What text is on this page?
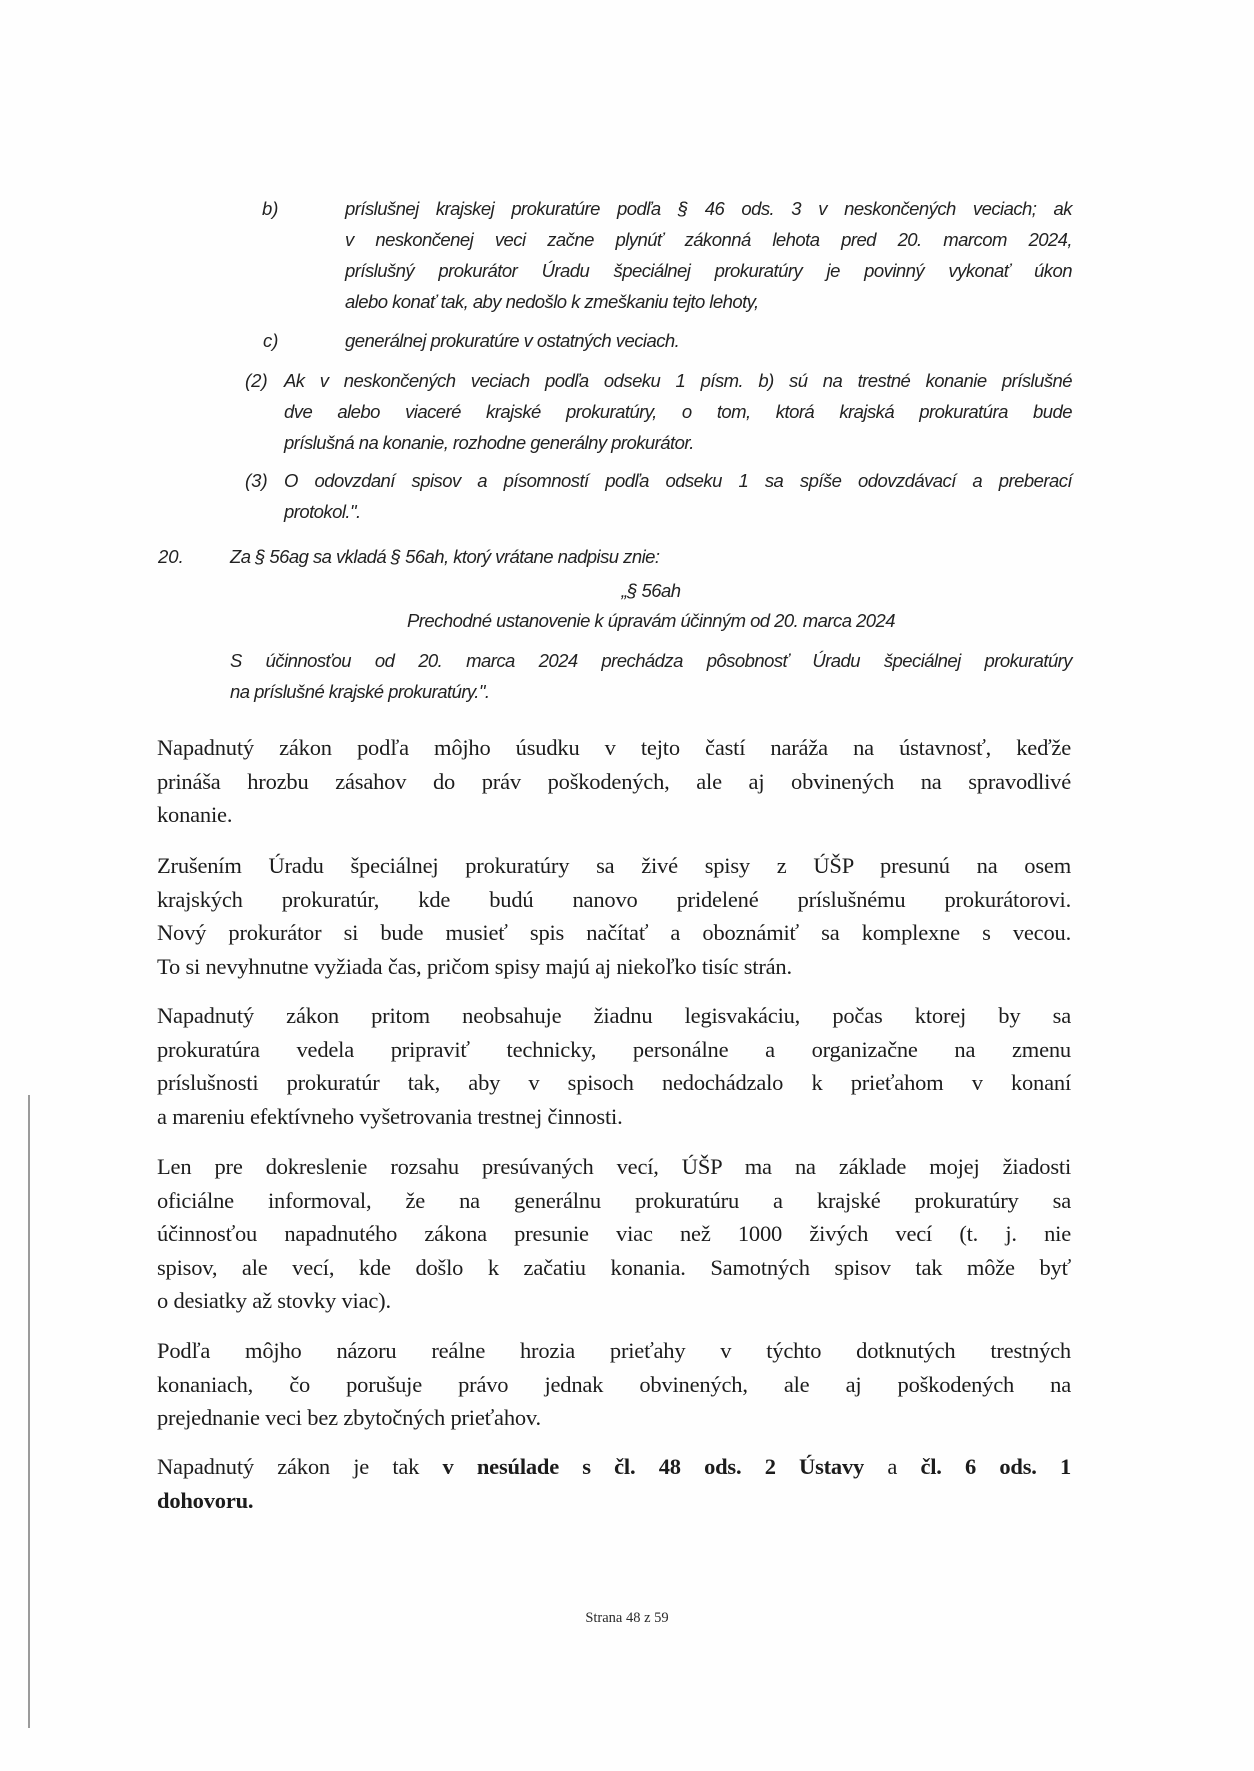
b)	príslušnej krajskej prokuratúre podľa § 46 ods. 3 v neskončených veciach; ak
v neskončenej veci začne plynúť zákonná lehota pred 20. marcom 2024,
príslušný prokurátor Úradu špeciálnej prokuratúry je povinný vykonať úkon
alebo konať tak, aby nedošlo k zmeškaniu tejto lehoty,
c)	generálnej prokuratúre v ostatných veciach.
(2) Ak v neskončených veciach podľa odseku 1 písm. b) sú na trestné konanie príslušné
dve alebo viaceré krajské prokuratúry, o tom, ktorá krajská prokuratúra bude
príslušná na konanie, rozhodne generálny prokurátor.
(3) O odovzdaní spisov a písomností podľa odseku 1 sa spíše odovzdávací a preberací
protokol.".
20.	Za § 56ag sa vkladá § 56ah, ktorý vrátane nadpisu znie:
„§ 56ah
Prechodné ustanovenie k úpravám účinným od 20. marca 2024
S účinnosťou od 20. marca 2024 prechádza pôsobnosť Úradu špeciálnej prokuratúry
na príslušné krajské prokuratúry.".
Napadnutý zákon podľa môjho úsudku v tejto častí naráža na ústavnosť, keďže
prináša hrozbu zásahov do práv poškodených, ale aj obvinených na spravodlivé
konanie.
Zrušením Úradu špeciálnej prokuratúry sa živé spisy z ÚŠP presunú na osem
krajských prokuratúr, kde budú nanovo pridelené príslušnému prokurátorovi.
Nový prokurátor si bude musieť spis načítať a oboznámiť sa komplexne s vecou.
To si nevyhnutne vyžiada čas, pričom spisy majú aj niekoľko tisíc strán.
Napadnutý zákon pritom neobsahuje žiadnu legisvakáciu, počas ktorej by sa
prokuratúra vedela pripraviť technicky, personálne a organizačne na zmenu
príslušnosti prokuratúr tak, aby v spisoch nedochádzalo k prieťahom v konaní
a mareniu efektívneho vyšetrovania trestnej činnosti.
Len pre dokreslenie rozsahu presúvaných vecí, ÚŠP ma na základe mojej žiadosti
oficiálne informoval, že na generálnu prokuratúru a krajské prokuratúry sa
účinnosťou napadnutého zákona presunie viac než 1000 živých vecí (t. j. nie
spisov, ale vecí, kde došlo k začatiu konania. Samotných spisov tak môže byť
o desiatky až stovky viac).
Podľa môjho názoru reálne hrozia prieťahy v týchto dotknutých trestných
konaniach, čo porušuje právo jednak obvinených, ale aj poškodených na
prejednanie veci bez zbytočných prieťahov.
Napadnutý zákon je tak v nesúlade s čl. 48 ods. 2 Ústavy a čl. 6 ods. 1
dohovoru.
Strana 48 z 59
